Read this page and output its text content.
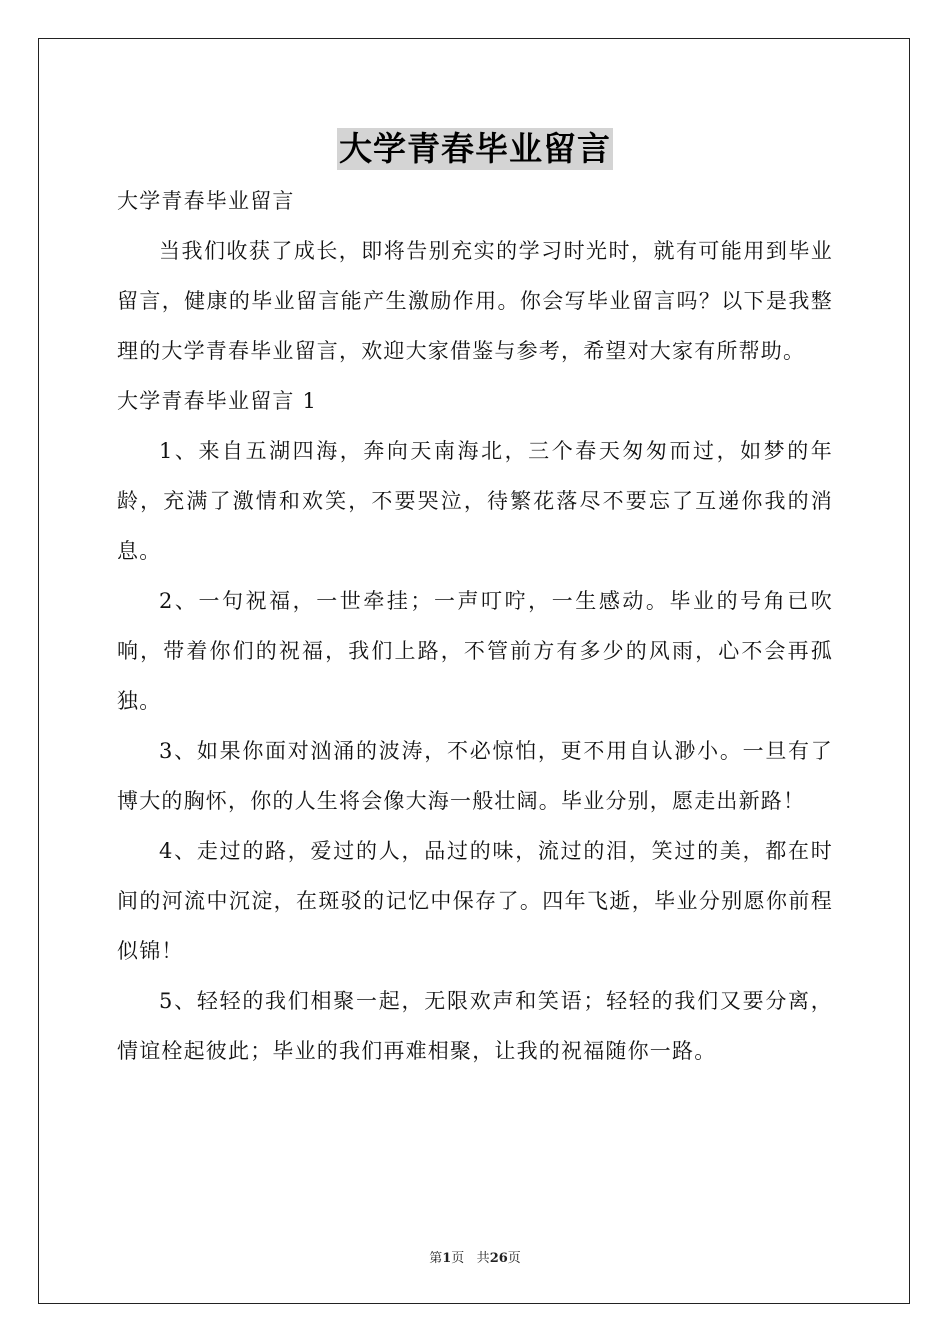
大学青春毕业留言

大学青春毕业留言

当我们收获了成长，即将告别充实的学习时光时，就有可能用到毕业留言，健康的毕业留言能产生激励作用。你会写毕业留言吗？以下是我整理的大学青春毕业留言，欢迎大家借鉴与参考，希望对大家有所帮助。

大学青春毕业留言 1

1、来自五湖四海，奔向天南海北，三个春天匆匆而过，如梦的年龄，充满了激情和欢笑，不要哭泣，待繁花落尽不要忘了互递你我的消息。

2、一句祝福，一世牵挂；一声叮咛，一生感动。毕业的号角已吹响，带着你们的祝福，我们上路，不管前方有多少的风雨，心不会再孤独。

3、如果你面对汹涌的波涛，不必惊怕，更不用自认渺小。一旦有了博大的胸怀，你的人生将会像大海一般壮阔。毕业分别，愿走出新路！

4、走过的路，爱过的人，品过的味，流过的泪，笑过的美，都在时间的河流中沉淀，在斑驳的记忆中保存了。四年飞逝，毕业分别愿你前程似锦！

5、轻轻的我们相聚一起，无限欢声和笑语；轻轻的我们又要分离，情谊栓起彼此；毕业的我们再难相聚，让我的祝福随你一路。

第1页 共26页
